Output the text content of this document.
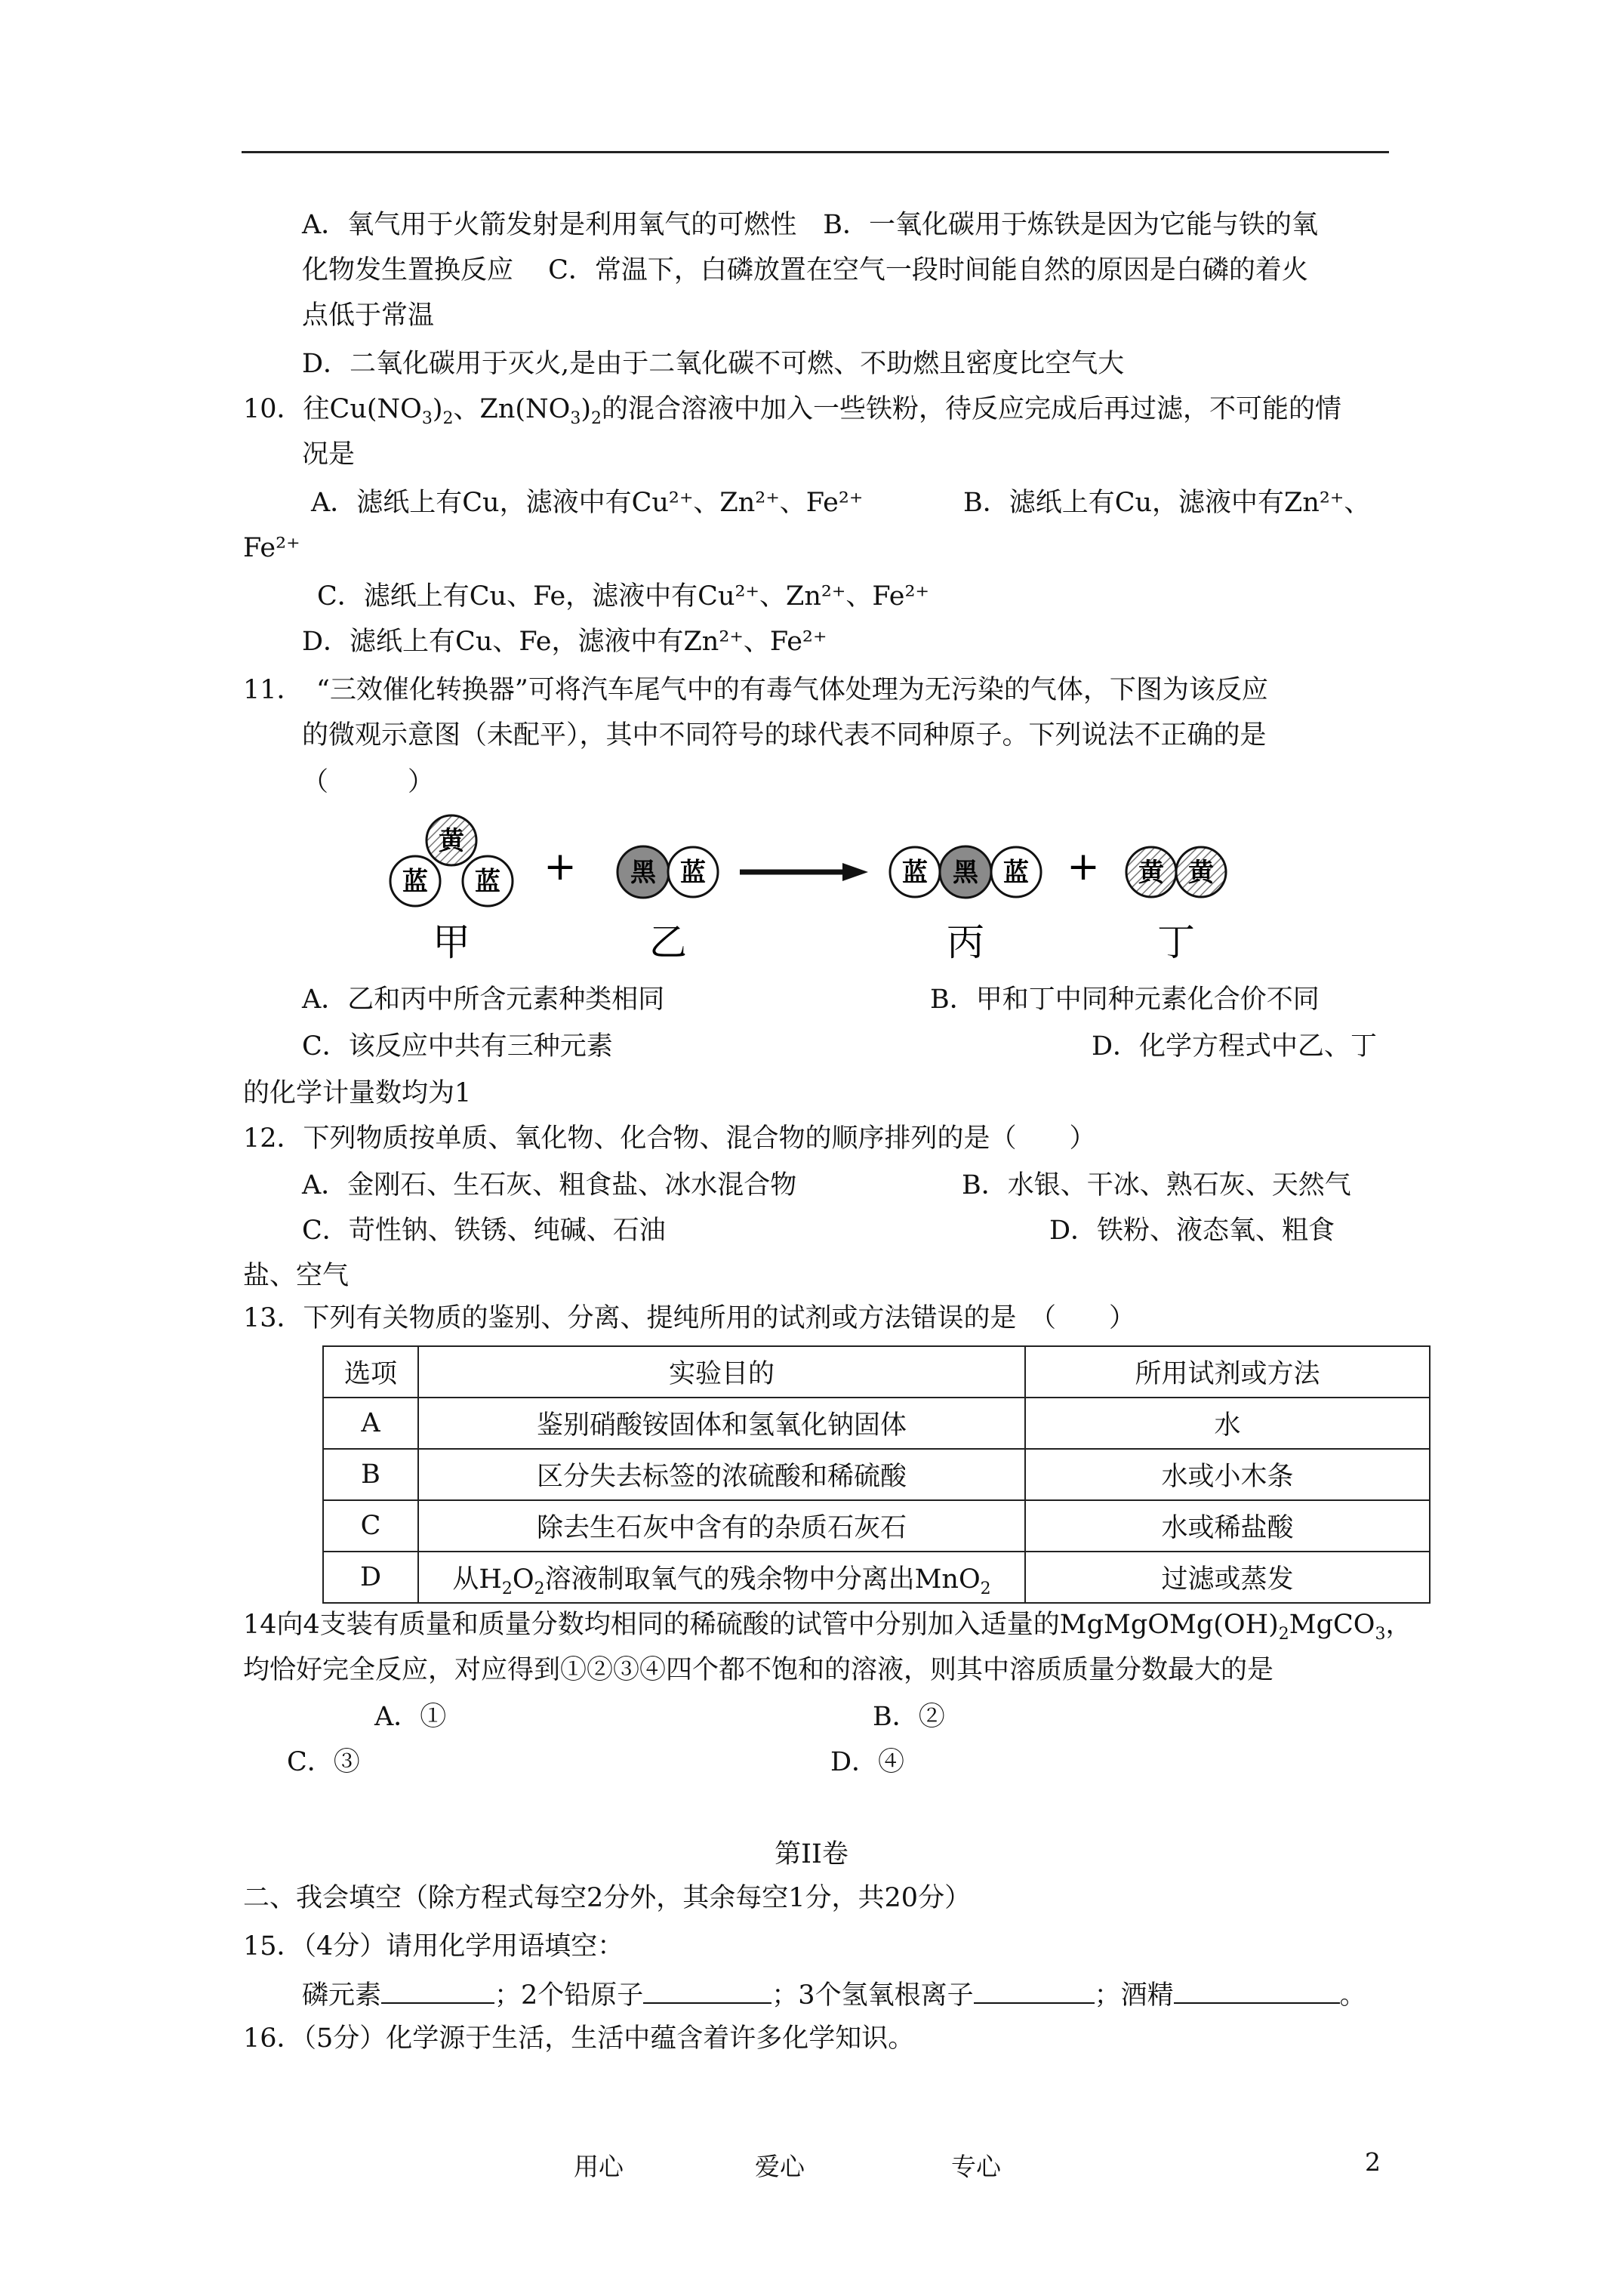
A．氧气用于火箭发射是利用氧气的可燃性　B．一氧化碳用于炼铁是因为它能与铁的氧
化物发生置换反应　 C．常温下，白磷放置在空气一段时间能自然的原因是白磷的着火
点低于常温
D．二氧化碳用于灭火,是由于二氧化碳不可燃、不助燃且密度比空气大
10．往$Cu(NO_3)_2$、$Zn(NO_3)_2$的混合溶液中加入一些铁粉，待反应完成后再过滤，不可能的情
况是
A．滤纸上有Cu，滤液中有Cu²⁺、Zn²⁺、Fe²⁺	B．滤纸上有Cu，滤液中有Zn²⁺、
Fe²⁺
C．滤纸上有Cu、Fe，滤液中有Cu²⁺、Zn²⁺、Fe²⁺
D．滤纸上有Cu、Fe，滤液中有Zn²⁺、Fe²⁺
11．　“三效催化转换器”可将汽车尾气中的有毒气体处理为无污染的气体，下图为该反应
的微观示意图（未配平），其中不同符号的球代表不同种原子。下列说法不正确的是
（　　　）
黄
蓝 蓝 + 黑 蓝	蓝	蓝
黑 + 黄 黄
甲	乙	丙	丁
A．乙和丙中所含元素种类相同	B．甲和丁中同种元素化合价不同
C．该反应中共有三种元素	D．化学方程式中乙、丁
的化学计量数均为1
12．下列物质按单质、氧化物、化合物、混合物的顺序排列的是（　　）
A．金刚石、生石灰、粗食盐、冰水混合物	B．水银、干冰、熟石灰、天然气
C．苛性钠、铁锈、纯碱、石油	D．铁粉、液态氧、粗食
盐、空气
13．下列有关物质的鉴别、分离、提纯所用的试剂或方法错误的是　（　　）
选项	实验目的	所用试剂或方法
A	鉴别硝酸铵固体和氢氧化钠固体	水
B	区分失去标签的浓硫酸和稀硫酸	水或小木条
C	除去生石灰中含有的杂质石灰石	水或稀盐酸
D	从$H_2O_2$溶液制取氧气的残余物中分离出MnO$_2$	过滤或蒸发
14向4支装有质量和质量分数均相同的稀硫酸的试管中分别加入适量的$MgMgOMg(OH)_2MgCO_3$，
均恰好完全反应，对应得到①②③④四个都不饱和的溶液，则其中溶质质量分数最大的是
A．①	B．②
C．③	D．④
第II卷
二、我会填空（除方程式每空2分外，其余每空1分，共20分）
15．（4分）请用化学用语填空：
磷元素	；2个铅原子	；3个氢氧根离子	；酒精	。
16．（5分）化学源于生活，生活中蕴含着许多化学知识。
用心	爱心	专心	2
